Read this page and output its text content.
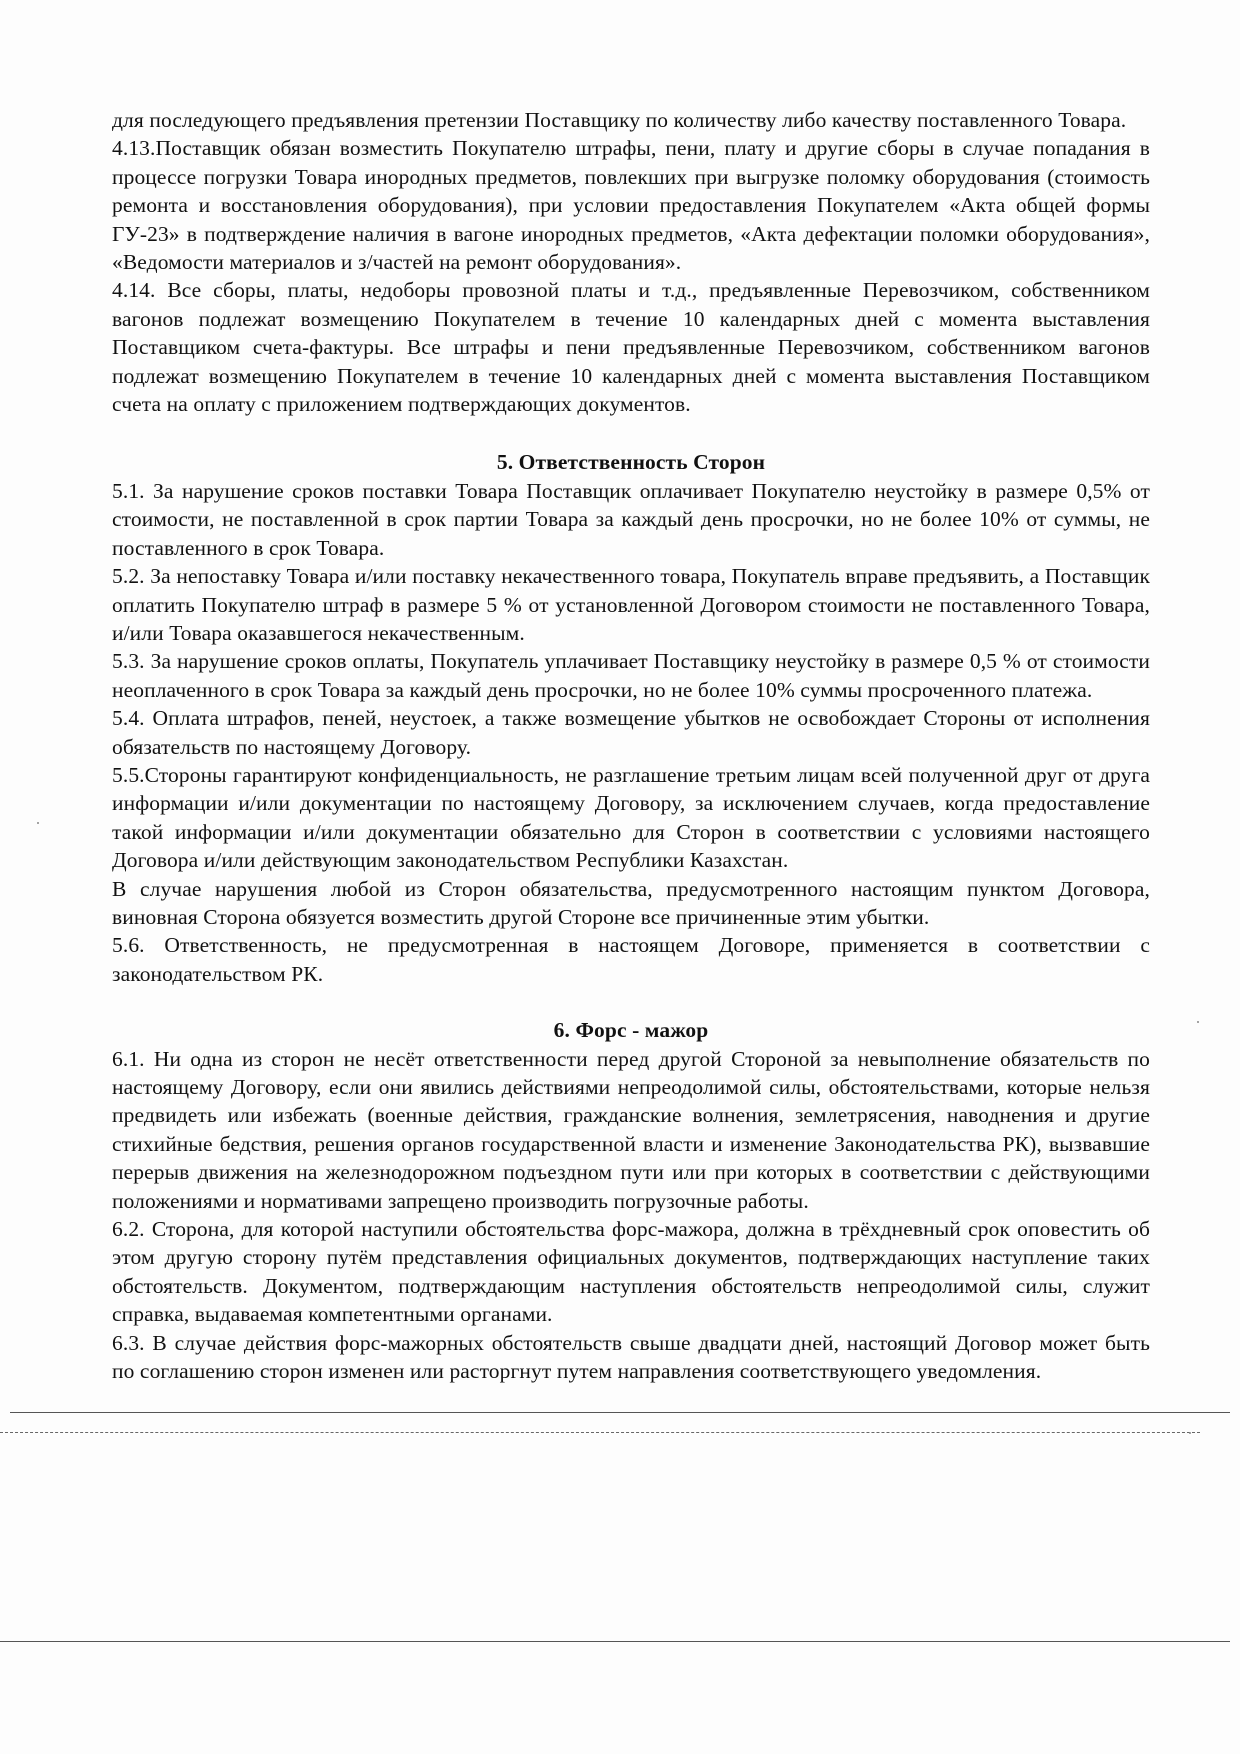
для последующего предъявления претензии Поставщику по количеству либо качеству поставленного Товара.

4.13.Поставщик обязан возместить Покупателю штрафы, пени, плату и другие сборы в случае попадания в процессе погрузки Товара инородных предметов, повлекших при выгрузке поломку оборудования (стоимость ремонта и восстановления оборудования), при условии предоставления Покупателем «Акта общей формы ГУ-23» в подтверждение наличия в вагоне инородных предметов, «Акта дефектации поломки оборудования», «Ведомости материалов и з/частей на ремонт оборудования».

4.14. Все сборы, платы, недоборы провозной платы и т.д., предъявленные Перевозчиком, собственником вагонов подлежат возмещению Покупателем в течение 10 календарных дней с момента выставления Поставщиком счета-фактуры. Все штрафы и пени предъявленные Перевозчиком, собственником вагонов подлежат возмещению Покупателем в течение 10 календарных дней с момента выставления Поставщиком счета на оплату с приложением подтверждающих документов.

5. Ответственность Сторон

5.1. За нарушение сроков поставки Товара Поставщик оплачивает Покупателю неустойку в размере 0,5% от стоимости, не поставленной в срок партии Товара за каждый день просрочки, но не более 10% от суммы, не поставленного в срок Товара.

5.2. За непоставку Товара и/или поставку некачественного товара, Покупатель вправе предъявить, а Поставщик оплатить Покупателю штраф в размере 5 % от установленной Договором стоимости не поставленного Товара, и/или Товара оказавшегося некачественным.

5.3. За нарушение сроков оплаты, Покупатель уплачивает Поставщику неустойку в размере 0,5 % от стоимости неоплаченного в срок Товара за каждый день просрочки, но не более 10% суммы просроченного платежа.

5.4. Оплата штрафов, пеней, неустоек, а также возмещение убытков не освобождает Стороны от исполнения обязательств по настоящему Договору.

5.5.Стороны гарантируют конфиденциальность, не разглашение третьим лицам всей полученной друг от друга информации и/или документации по настоящему Договору, за исключением случаев, когда предоставление такой информации и/или документации обязательно для Сторон в соответствии с условиями настоящего Договора и/или действующим законодательством Республики Казахстан.

В случае нарушения любой из Сторон обязательства, предусмотренного настоящим пунктом Договора, виновная Сторона обязуется возместить другой Стороне все причиненные этим убытки.

5.6. Ответственность, не предусмотренная в настоящем Договоре, применяется в соответствии с законодательством РК.

6. Форс - мажор

6.1. Ни одна из сторон не несёт ответственности перед другой Стороной за невыполнение обязательств по настоящему Договору, если они явились действиями непреодолимой силы, обстоятельствами, которые нельзя предвидеть или избежать (военные действия, гражданские волнения, землетрясения, наводнения и другие стихийные бедствия, решения органов государственной власти и изменение Законодательства РК), вызвавшие перерыв движения на железнодорожном подъездном пути или при которых в соответствии с действующими положениями и нормативами запрещено производить погрузочные работы.

6.2. Сторона, для которой наступили обстоятельства форс-мажора, должна в трёхдневный срок оповестить об этом другую сторону путём представления официальных документов, подтверждающих наступление таких обстоятельств. Документом, подтверждающим наступления обстоятельств непреодолимой силы, служит справка, выдаваемая компетентными органами.

6.3. В случае действия форс-мажорных обстоятельств свыше двадцати дней, настоящий Договор может быть по соглашению сторон изменен или расторгнут путем направления соответствующего уведомления.
